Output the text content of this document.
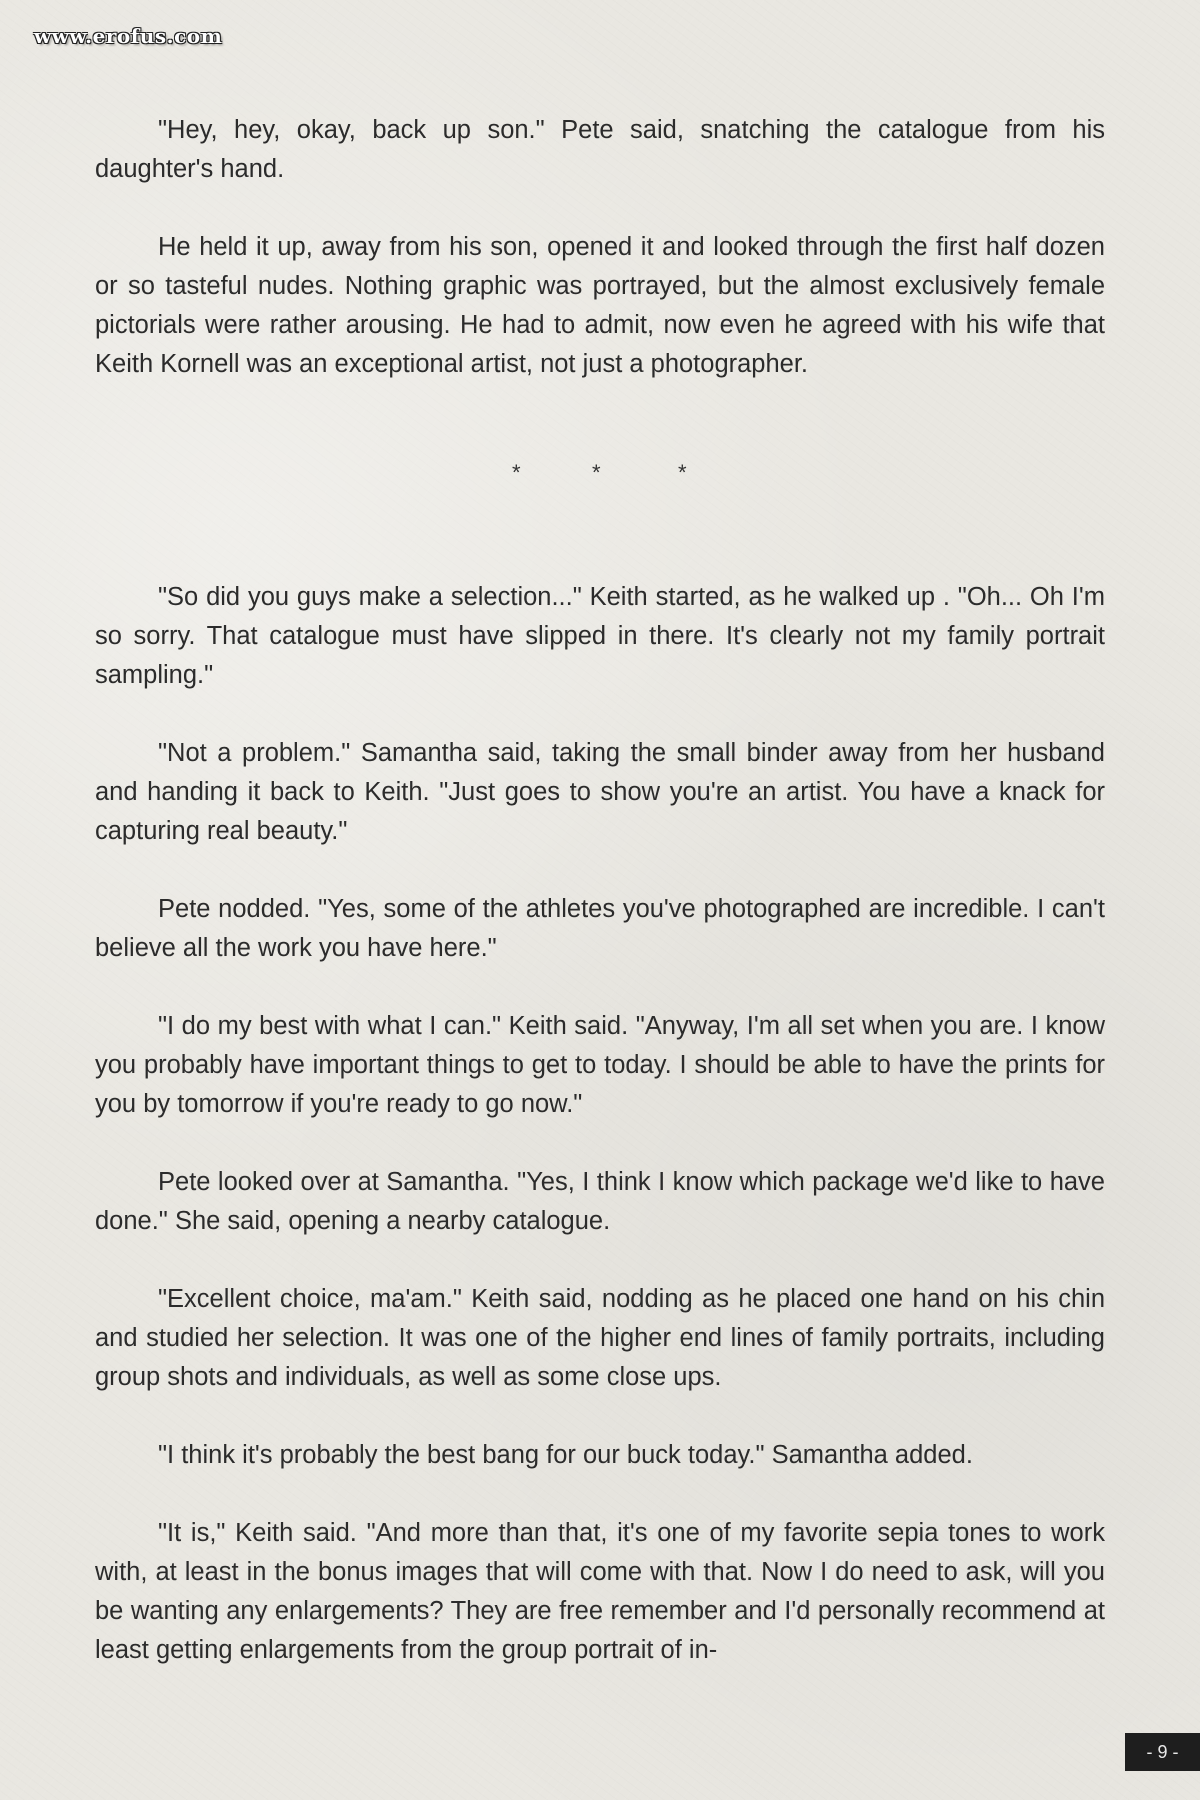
www.erofus.com

"Hey, hey, okay, back up son." Pete said, snatching the catalogue from his daughter's hand.

He held it up, away from his son, opened it and looked through the first half dozen or so tasteful nudes. Nothing graphic was portrayed, but the almost exclusively female pictorials were rather arousing. He had to admit, now even he agreed with his wife that Keith Kornell was an exceptional artist, not just a photographer.

*	*	*

"So did you guys make a selection..." Keith started, as he walked up . "Oh... Oh I'm so sorry. That catalogue must have slipped in there. It's clearly not my family portrait sampling."

"Not a problem." Samantha said, taking the small binder away from her husband and handing it back to Keith. "Just goes to show you're an artist. You have a knack for capturing real beauty."

Pete nodded. "Yes, some of the athletes you've photographed are incredible. I can't believe all the work you have here."

"I do my best with what I can." Keith said. "Anyway, I'm all set when you are. I know you probably have important things to get to today. I should be able to have the prints for you by tomorrow if you're ready to go now."

Pete looked over at Samantha. "Yes, I think I know which package we'd like to have done." She said, opening a nearby catalogue.

"Excellent choice, ma'am." Keith said, nodding as he placed one hand on his chin and studied her selection. It was one of the higher end lines of family portraits, including group shots and individuals, as well as some close ups.

"I think it's probably the best bang for our buck today." Samantha added.

"It is," Keith said. "And more than that, it's one of my favorite sepia tones to work with, at least in the bonus images that will come with that. Now I do need to ask, will you be wanting any enlargements? They are free remember and I'd personally recommend at least getting enlargements from the group portrait of in-

- 9 -
